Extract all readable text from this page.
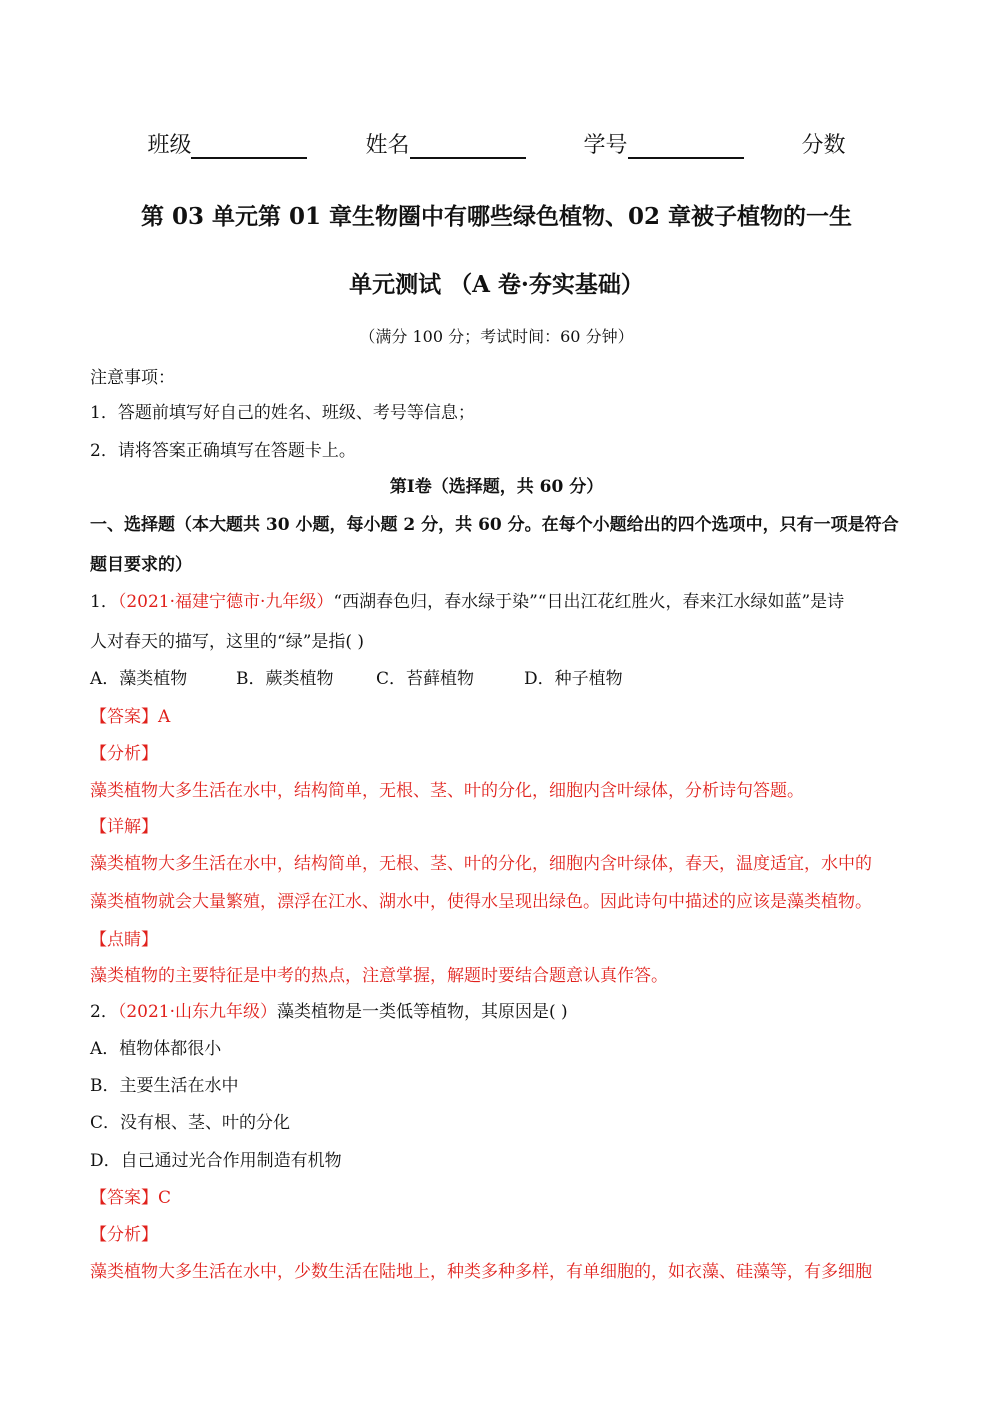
班级	姓名	学号	分数
第 03 单元第 01 章生物圈中有哪些绿色植物、02 章被子植物的一生
单元测试 （A 卷·夯实基础）
（满分 100 分；考试时间：60 分钟）
注意事项：
1．答题前填写好自己的姓名、班级、考号等信息；
2．请将答案正确填写在答题卡上。
第Ⅰ卷（选择题，共 60 分）
一、选择题（本大题共 30 小题，每小题 2 分，共 60 分。在每个小题给出的四个选项中，只有一项是符合
题目要求的）
1．（2021·福建宁德市·九年级）“西湖春色归，春水绿于染”“日出江花红胜火，春来江水绿如蓝”是诗
人对春天的描写，这里的“绿”是指( )
A．藻类植物	B．蕨类植物	C．苔藓植物	D．种子植物
【答案】A
【分析】
藻类植物大多生活在水中，结构简单，无根、茎、叶的分化，细胞内含叶绿体，分析诗句答题。
【详解】
藻类植物大多生活在水中，结构简单，无根、茎、叶的分化，细胞内含叶绿体，春天，温度适宜，水中的
藻类植物就会大量繁殖，漂浮在江水、湖水中，使得水呈现出绿色。因此诗句中描述的应该是藻类植物。
【点睛】
藻类植物的主要特征是中考的热点，注意掌握，解题时要结合题意认真作答。
2．（2021·山东九年级）藻类植物是一类低等植物，其原因是( )
A．植物体都很小
B．主要生活在水中
C．没有根、茎、叶的分化
D．自己通过光合作用制造有机物
【答案】C
【分析】
藻类植物大多生活在水中，少数生活在陆地上，种类多种多样，有单细胞的，如衣藻、硅藻等，有多细胞
